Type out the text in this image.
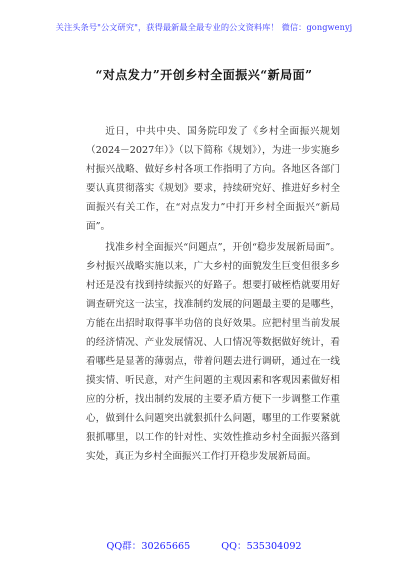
关注头条号"公文研究"，获得最新最全最专业的公文资料库！ 微信：gongwenyj
“对点发力”开创乡村全面振兴“新局面”

近日，中共中央、国务院印发了《乡村全面振兴规划（2024－2027年）》（以下简称《规划》），为进一步实施乡村振兴战略、做好乡村各项工作指明了方向。各地区各部门要认真贯彻落实《规划》要求，持续研究好、推进好乡村全面振兴有关工作，在“对点发力”中打开乡村全面振兴“新局面”。

找准乡村全面振兴“问题点”，开创“稳步发展新局面”。乡村振兴战略实施以来，广大乡村的面貌发生巨变但很多乡村还是没有找到持续振兴的好路子。想要打破桎梏就要用好调查研究这一法宝，找准制约发展的问题最主要的是哪些，方能在出招时取得事半功倍的良好效果。应把村里当前发展的经济情况、产业发展情况、人口情况等数据做好统计，看看哪些是显著的薄弱点，带着问题去进行调研，通过在一线摸实情、听民意，对产生问题的主观因素和客观因素做好相应的分析，找出制约发展的主要矛盾方便下一步调整工作重心，做到什么问题突出就狠抓什么问题，哪里的工作要紧就狠抓哪里，以工作的针对性、实效性推动乡村全面振兴落到实处，真正为乡村全面振兴工作打开稳步发展新局面。

QQ群：30265665	QQ：535304092
